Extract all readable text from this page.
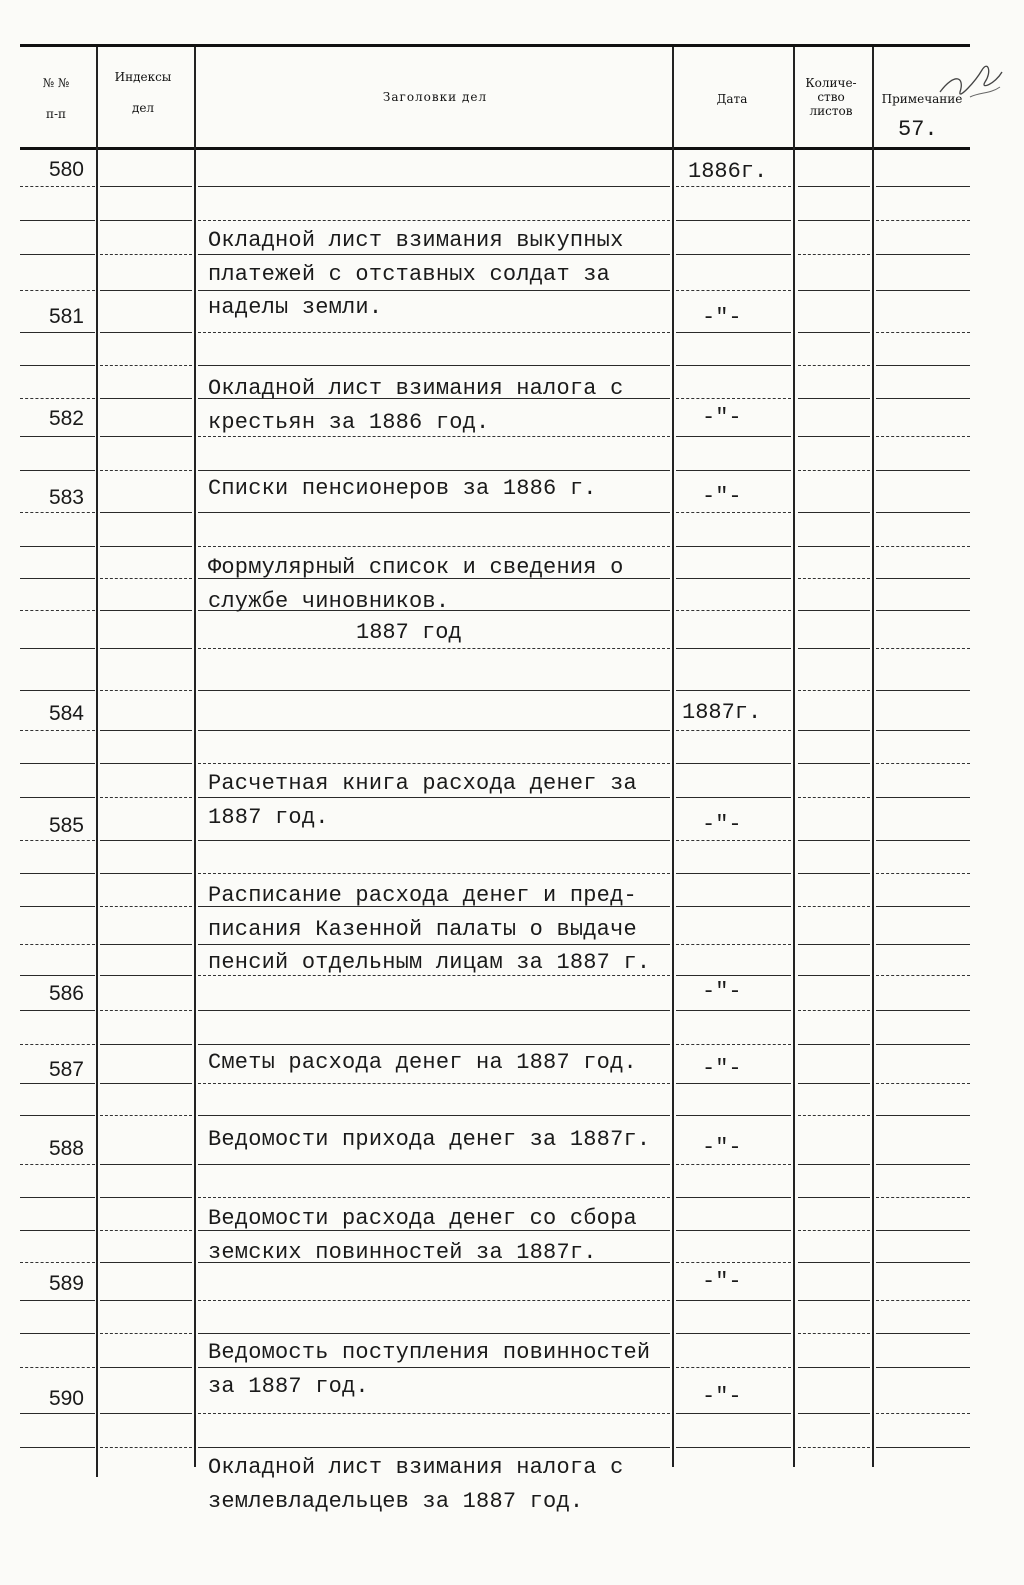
№ №
п-п
Индексы
дел
Заголовки дел	Дата
Количе-
ство
листов
Примечание
57.
580
581
582
583
584
585
586
587
588
589
590

Окладной лист взимания выкупных
платежей с отставных солдат за
наделы земли.

Окладной лист взимания налога с
крестьян за 1886 год.

Списки пенсионеров за 1886 г.

Формулярный список и сведения о
службе чиновников.

1887 год

Расчетная книга расхода денег за
1887 год.

Расписание расхода денег и пред-
писания Казенной палаты о выдаче
пенсий отдельным лицам за 1887 г.

Сметы расхода денег на 1887 год.

Ведомости прихода денег за 1887г.

Ведомости расхода денег со сбора
земских повинностей за 1887г.

Ведомость поступления повинностей
за 1887 год.

Окладной лист взимания налога с
землевладельцев за 1887 год.

1886г.
-"-
-"-
-"-
1887г.
-"-
-"-
-"-
-"-
-"-
-"-
